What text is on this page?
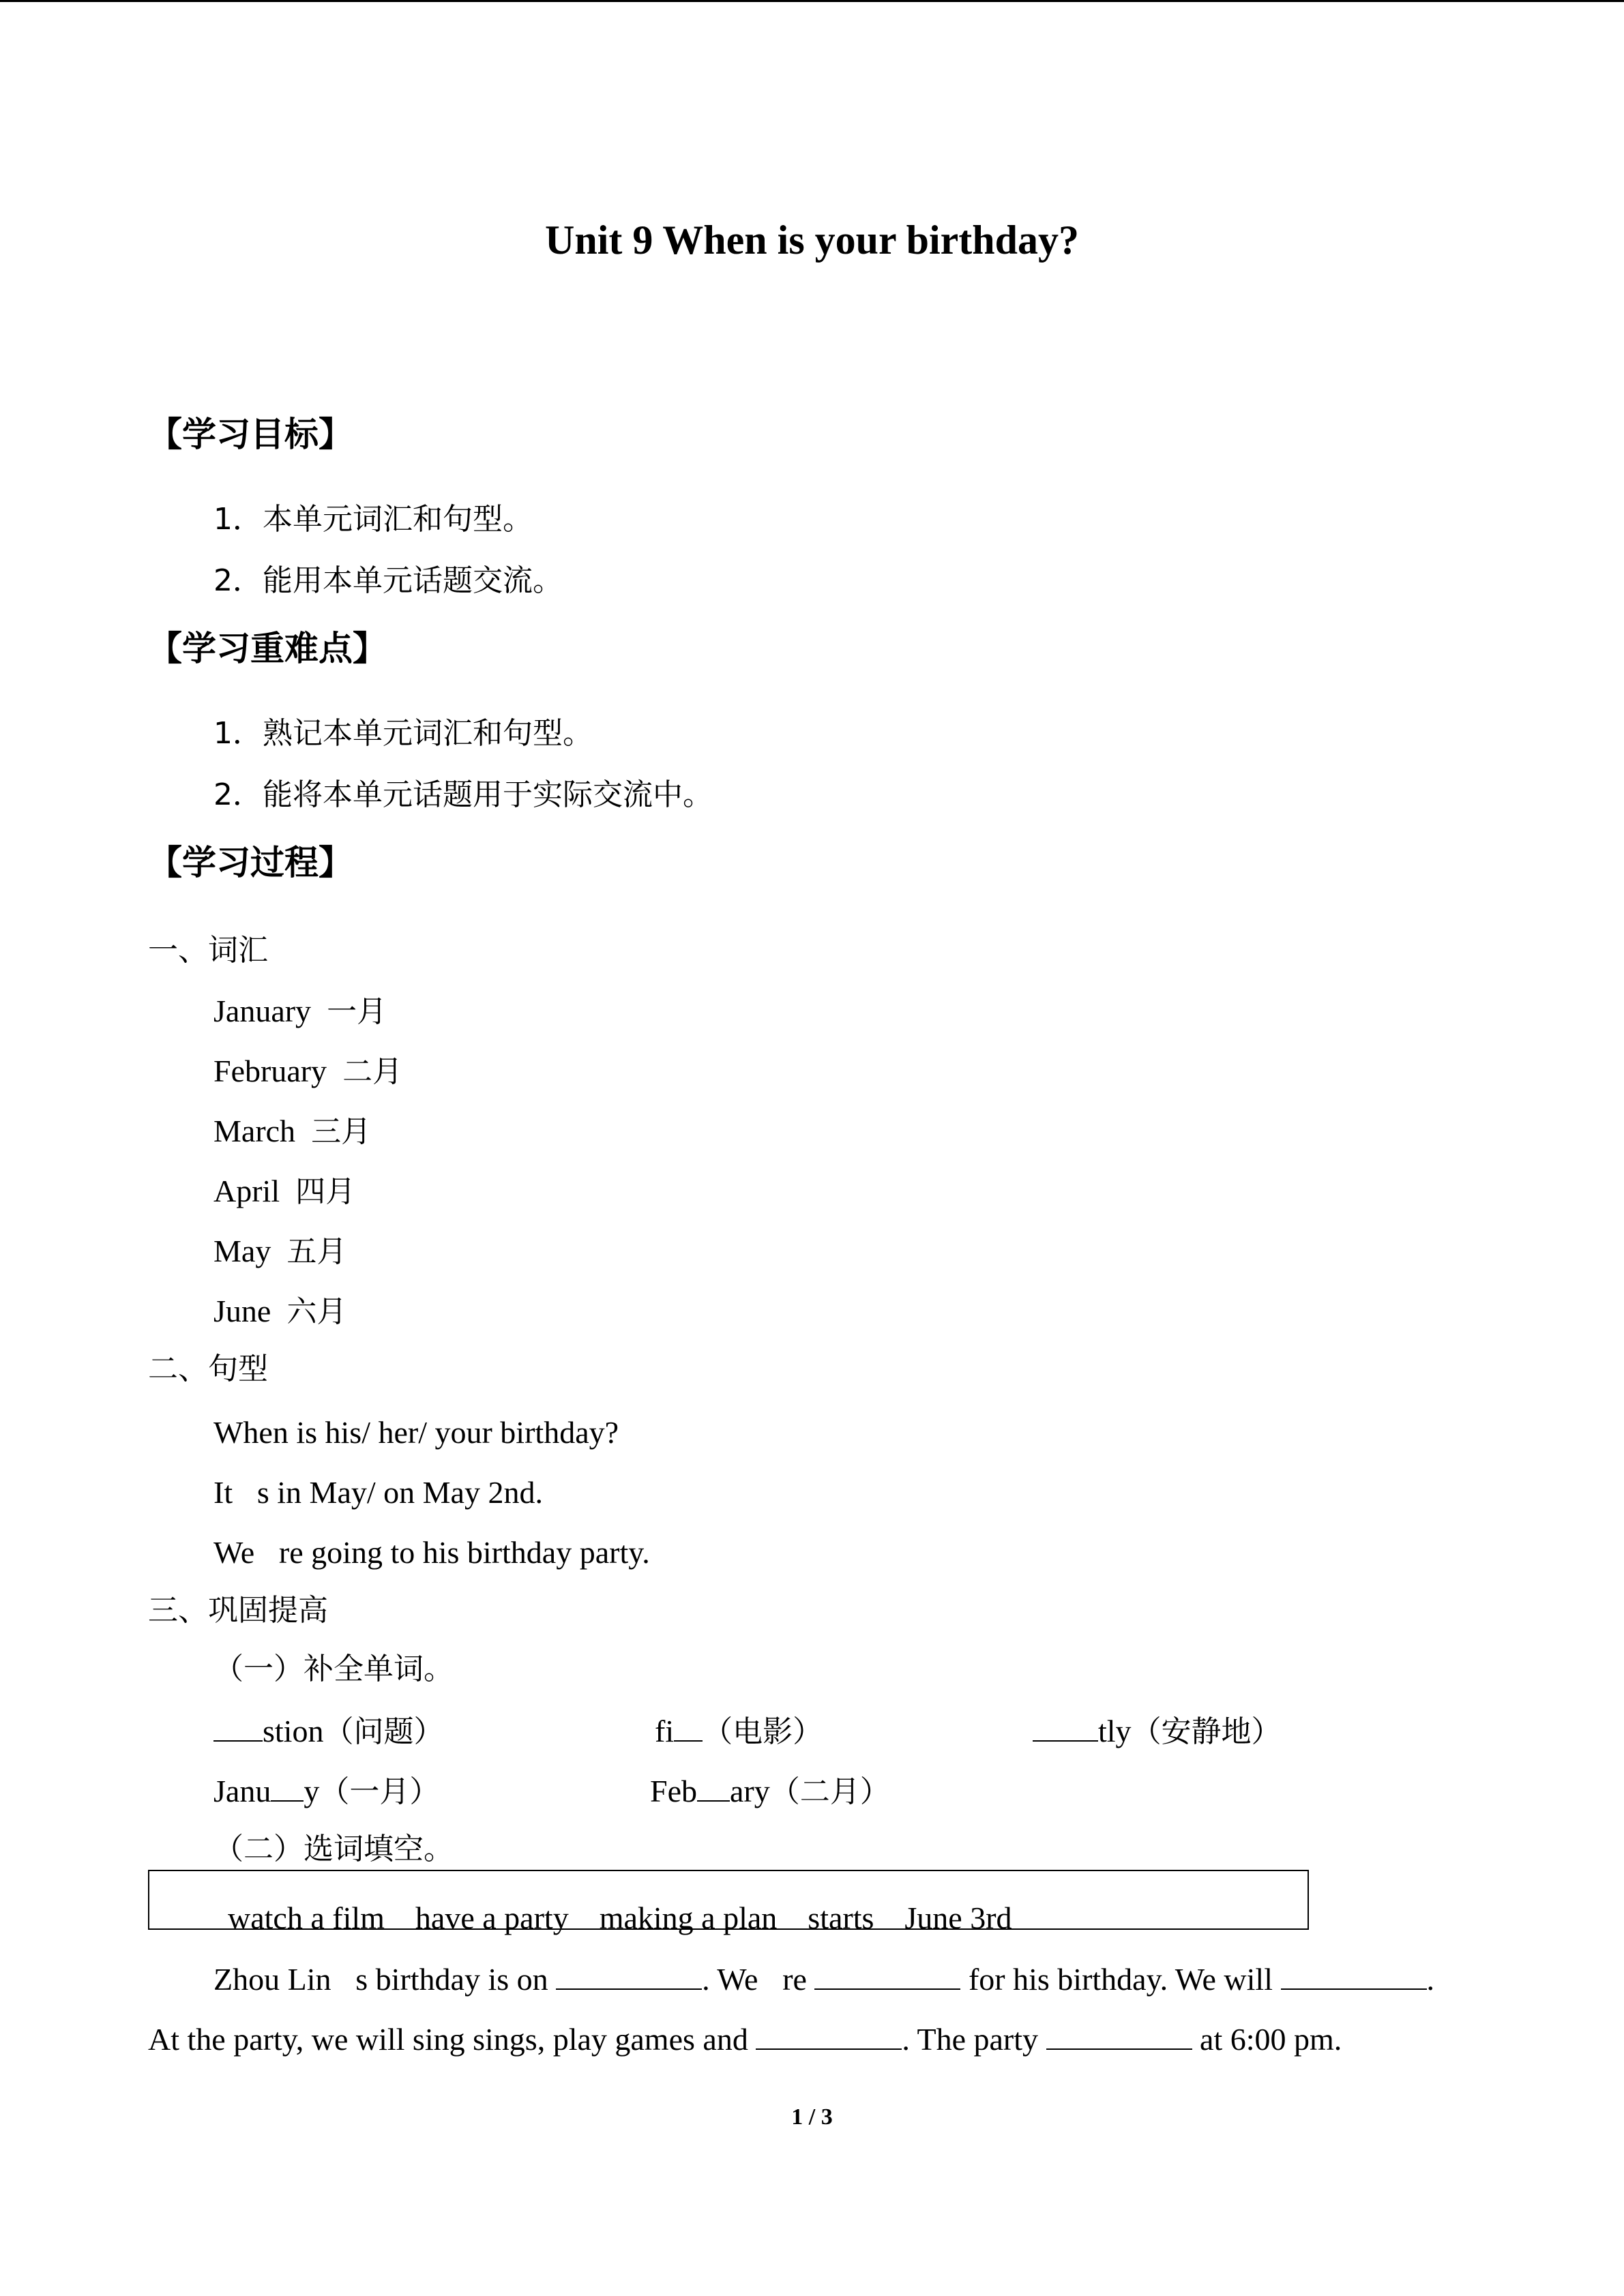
Unit 9 When is your birthday?
【学习目标】
1．本单元词汇和句型。
2．能用本单元话题交流。
【学习重难点】
1．熟记本单元词汇和句型。
2．能将本单元话题用于实际交流中。
【学习过程】
一、词汇
January 一月
February 二月
March 三月
April 四月
May 五月
June 六月
二、句型
When is his/ her/ your birthday?
It s in May/ on May 2nd.
We re going to his birthday party.
三、巩固提高
（一）补全单词。
stion（问题）	fi （电影）	tly（安静地）
Janu y（一月）	Feb ary（二月）
（二）选词填空。
watch a film have a party making a plan starts June 3rd
Zhou Lin s birthday is on	. We re	for his birthday. We will	.
At the party, we will sing sings, play games and	. The party	at 6:00 pm.
1 / 3
